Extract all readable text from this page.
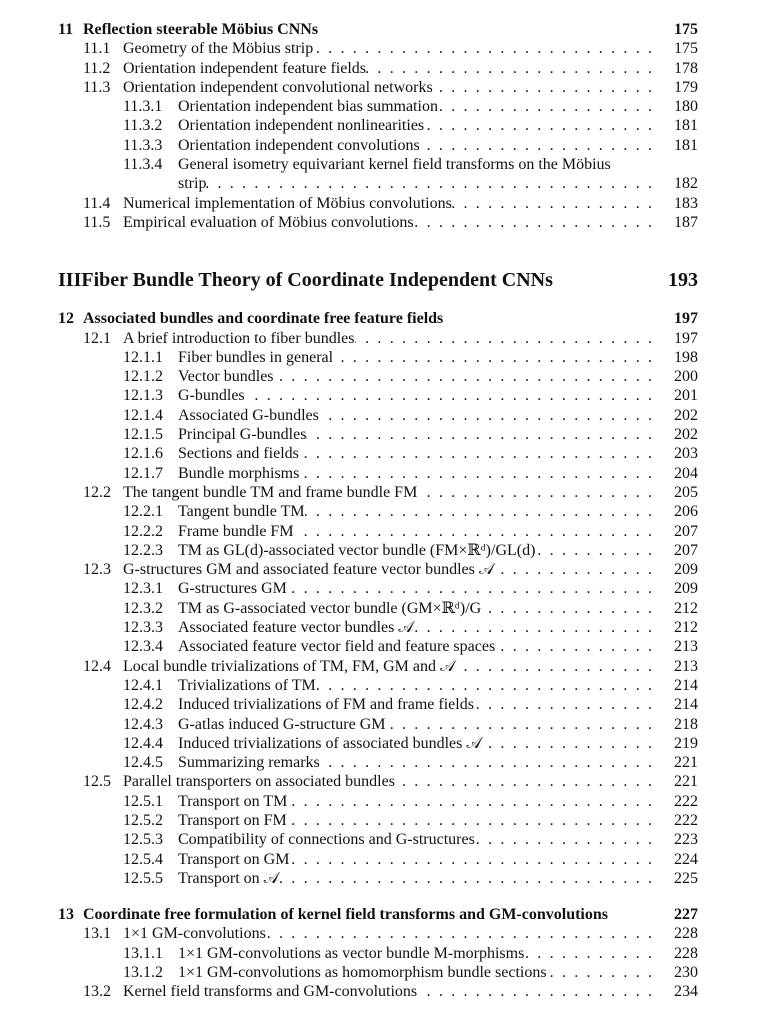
11 Reflection steerable Möbius CNNs	175
11.1 Geometry of the Möbius strip . . .	175
11.2 Orientation independent feature fields . . .	178
11.3 Orientation independent convolutional networks . . .	179
11.3.1 Orientation independent bias summation . . .	180
11.3.2 Orientation independent nonlinearities . . .	181
11.3.3 Orientation independent convolutions . . .	181
11.3.4 General isometry equivariant kernel field transforms on the Möbius
strip . . .	182
11.4 Numerical implementation of Möbius convolutions . . .	183
11.5 Empirical evaluation of Möbius convolutions . . .	187
III Fiber Bundle Theory of Coordinate Independent CNNs	193
12 Associated bundles and coordinate free feature fields	197
12.1 A brief introduction to fiber bundles . . .	197
12.1.1 Fiber bundles in general . . .	198
12.1.2 Vector bundles . . .	200
12.1.3 G-bundles . . .	201
12.1.4 Associated G-bundles . . .	202
12.1.5 Principal G-bundles . . .	202
12.1.6 Sections and fields . . .	203
12.1.7 Bundle morphisms . . .	204
12.2 The tangent bundle TM and frame bundle FM . . .	205
12.2.1 Tangent bundle TM . . .	206
12.2.2 Frame bundle FM . . .	207
12.2.3 TM as GL(d)-associated vector bundle (FM×ℝᵈ)/GL(d) . . .	207
12.3 G-structures GM and associated feature vector bundles 𝒜 . . .	209
12.3.1 G-structures GM . . .	209
12.3.2 TM as G-associated vector bundle (GM×ℝᵈ)/G . . .	212
12.3.3 Associated feature vector bundles 𝒜 . . .	212
12.3.4 Associated feature vector field and feature spaces . . .	213
12.4 Local bundle trivializations of TM, FM, GM and 𝒜 . . .	213
12.4.1 Trivializations of TM . . .	214
12.4.2 Induced trivializations of FM and frame fields . . .	214
12.4.3 G-atlas induced G-structure GM . . .	218
12.4.4 Induced trivializations of associated bundles 𝒜 . . .	219
12.4.5 Summarizing remarks . . .	221
12.5 Parallel transporters on associated bundles . . .	221
12.5.1 Transport on TM . . .	222
12.5.2 Transport on FM . . .	222
12.5.3 Compatibility of connections and G-structures . . .	223
12.5.4 Transport on GM . . .	224
12.5.5 Transport on 𝒜 . . .	225
13 Coordinate free formulation of kernel field transforms and GM-convolutions	227
13.1 1×1 GM-convolutions . . .	228
13.1.1 1×1 GM-convolutions as vector bundle M-morphisms . . .	228
13.1.2 1×1 GM-convolutions as homomorphism bundle sections . . .	230
13.2 Kernel field transforms and GM-convolutions . . .	234
